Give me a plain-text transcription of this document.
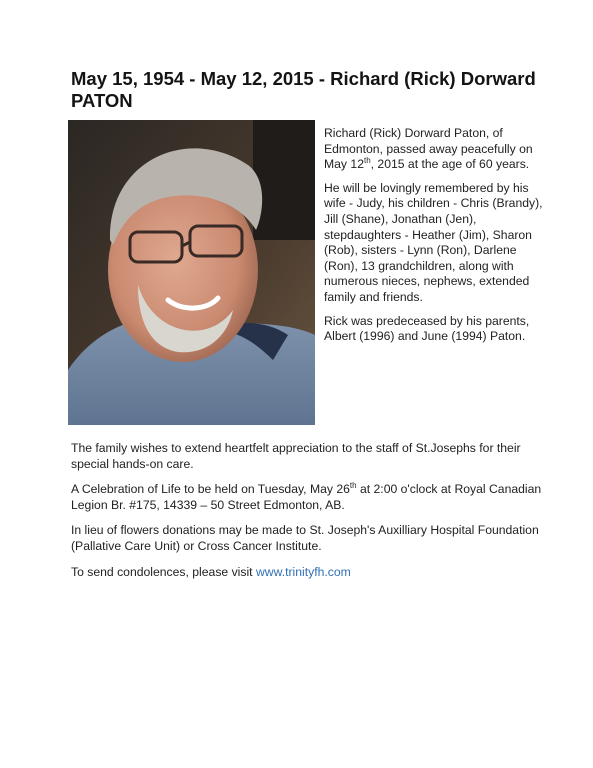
May 15, 1954 - May 12, 2015 - Richard (Rick) Dorward PATON

Richard (Rick) Dorward Paton, of Edmonton, passed away peacefully on May 12th, 2015 at the age of 60 years.

He will be lovingly remembered by his wife - Judy, his children - Chris (Brandy), Jill (Shane), Jonathan (Jen), stepdaughters - Heather (Jim), Sharon (Rob), sisters - Lynn (Ron), Darlene (Ron), 13 grandchildren, along with numerous nieces, nephews, extended family and friends.

Rick was predeceased by his parents, Albert (1996) and June (1994) Paton.

The family wishes to extend heartfelt appreciation to the staff of St.Josephs for their special hands-on care.

A Celebration of Life to be held on Tuesday, May 26th at 2:00 o'clock at Royal Canadian Legion Br. #175, 14339 – 50 Street Edmonton, AB.

In lieu of flowers donations may be made to St. Joseph's Auxilliary Hospital Foundation (Pallative Care Unit) or Cross Cancer Institute.

To send condolences, please visit www.trinityfh.com
